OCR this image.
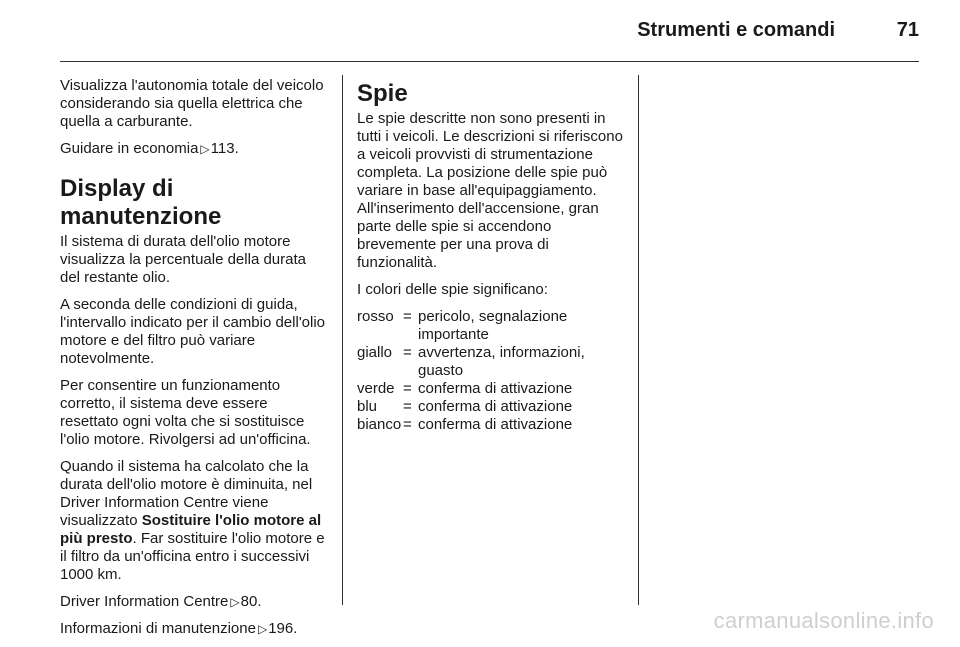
Strumenti e comandi	71

Visualizza l'autonomia totale del veicolo considerando sia quella elettrica che quella a carburante.

Guidare in economia ▷113.

Display di manutenzione

Il sistema di durata dell'olio motore visualizza la percentuale della durata del restante olio.

A seconda delle condizioni di guida, l'intervallo indicato per il cambio dell'olio motore e del filtro può variare notevolmente.

Per consentire un funzionamento corretto, il sistema deve essere resettato ogni volta che si sostituisce l'olio motore. Rivolgersi ad un'officina.

Quando il sistema ha calcolato che la durata dell'olio motore è diminuita, nel Driver Information Centre viene visualizzato Sostituire l'olio motore al più presto. Far sostituire l'olio motore e il filtro da un'officina entro i successivi 1000 km.

Driver Information Centre ▷80.

Informazioni di manutenzione ▷196.

Spie

Le spie descritte non sono presenti in tutti i veicoli. Le descrizioni si riferiscono a veicoli provvisti di strumentazione completa. La posizione delle spie può variare in base all'equipaggiamento. All'inserimento dell'accensione, gran parte delle spie si accendono brevemente per una prova di funzionalità.

I colori delle spie significano:

rosso = pericolo, segnalazione importante
giallo = avvertenza, informazioni, guasto
verde = conferma di attivazione
blu	= conferma di attivazione
bianco = conferma di attivazione
carmanualsonline.info
